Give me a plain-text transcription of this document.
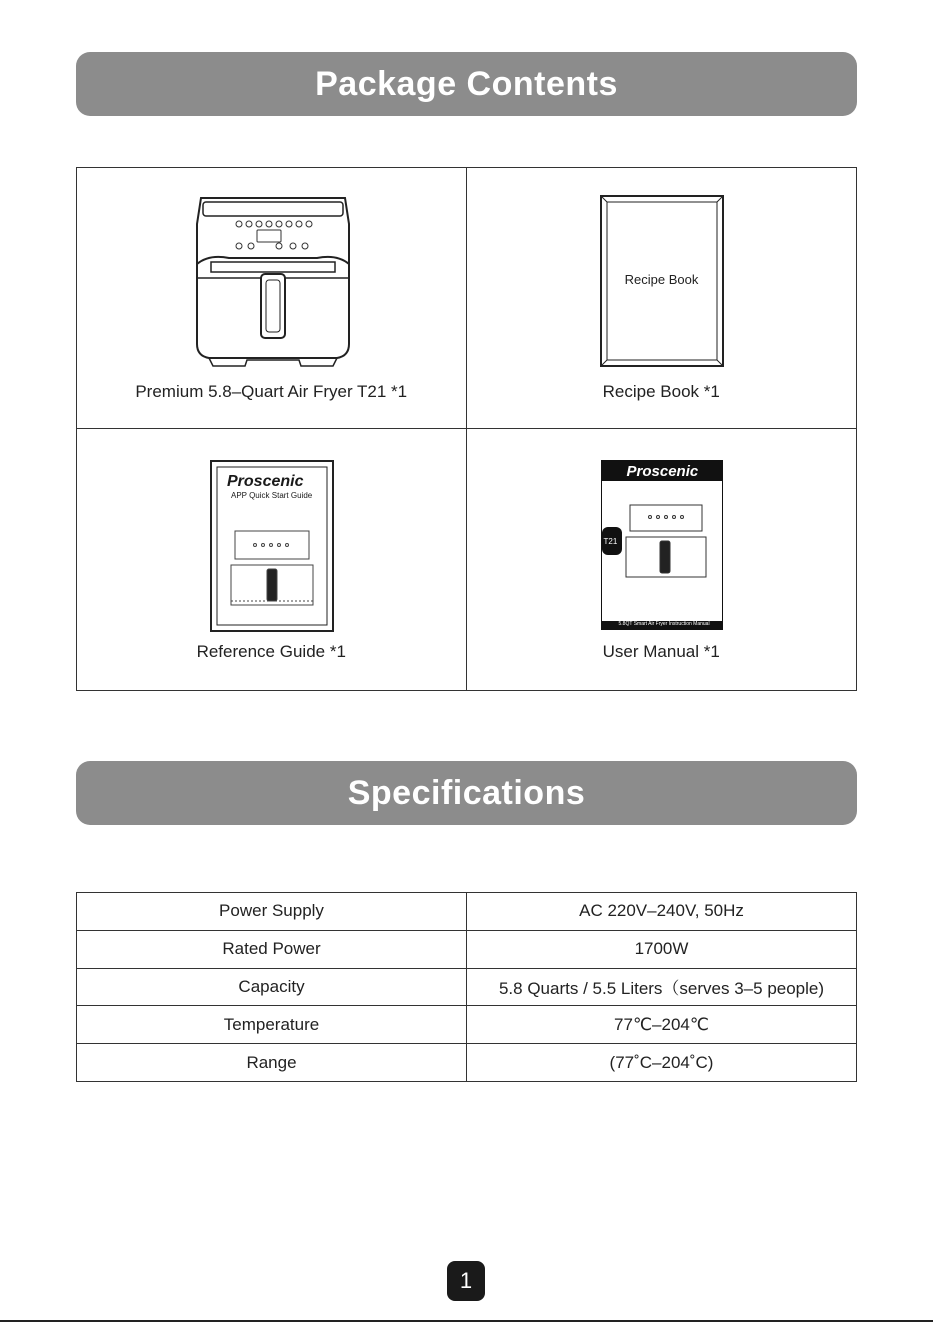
Package Contents
Premium 5.8–Quart Air Fryer T21 *1
Recipe Book
Recipe Book *1
Proscenic
APP Quick Start Guide
Reference Guide *1
Proscenic
T21
5.8QT Smart Air Fryer Instruction Manual
User Manual *1
Specifications
Power Supply	AC 220V–240V, 50Hz
Rated Power	1700W
Capacity	5.8 Quarts / 5.5 Liters（serves 3–5 people)
Temperature	77℃–204℃
Range	(77˚C–204˚C)
1
